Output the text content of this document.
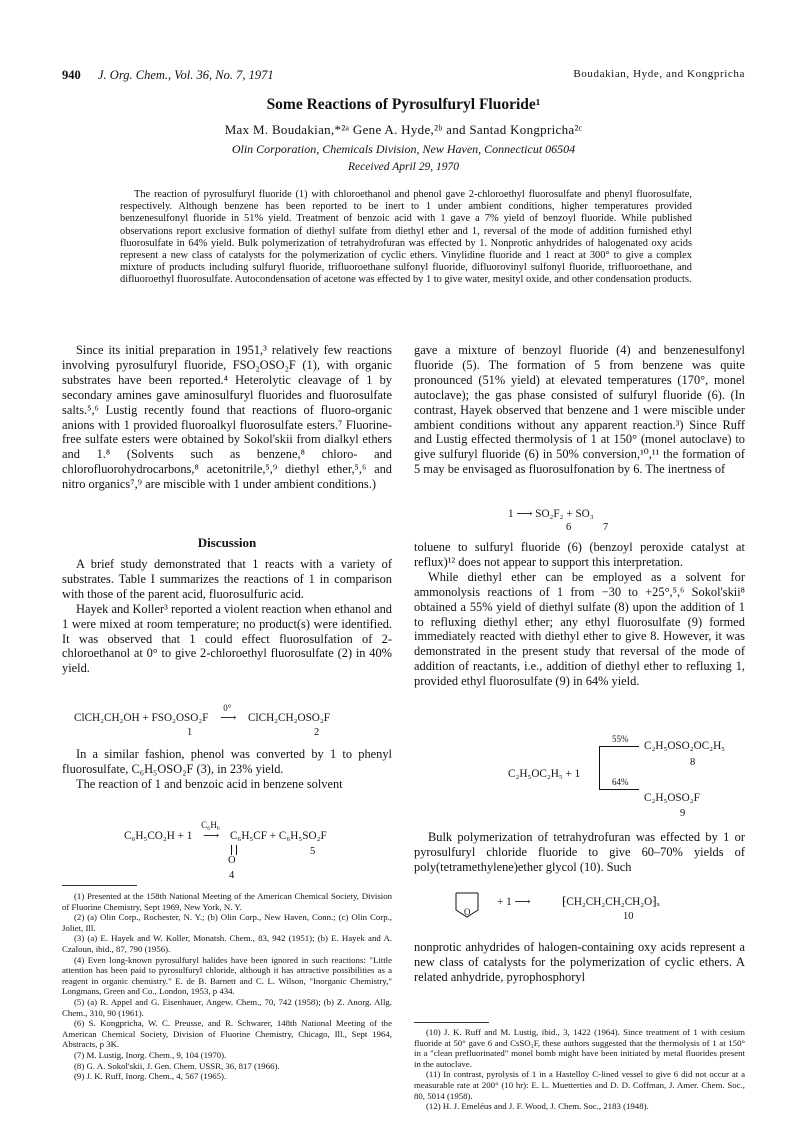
940 J. Org. Chem., Vol. 36, No. 7, 1971	Boudakian, Hyde, and Kongpricha
Some Reactions of Pyrosulfuryl Fluoride¹
Max M. Boudakian,*²ᵃ Gene A. Hyde,²ᵇ and Santad Kongpricha²ᶜ
Olin Corporation, Chemicals Division, New Haven, Connecticut 06504
Received April 29, 1970
The reaction of pyrosulfuryl fluoride (1) with chloroethanol and phenol gave 2-chloroethyl fluorosulfate and phenyl fluorosulfate, respectively. Although benzene has been reported to be inert to 1 under ambient conditions, higher temperatures provided benzenesulfonyl fluoride in 51% yield. Treatment of benzoic acid with 1 gave a 7% yield of benzoyl fluoride. While published observations report exclusive formation of diethyl sulfate from diethyl ether and 1, reversal of the mode of addition furnished ethyl fluorosulfate in 64% yield. Bulk polymerization of tetrahydrofuran was effected by 1. Nonprotic anhydrides of halogenated oxy acids represent a new class of catalysts for the polymerization of cyclic ethers. Vinylidine fluoride and 1 react at 300° to give a complex mixture of products including sulfuryl fluoride, trifluoroethane sulfonyl fluoride, difluorovinyl sulfonyl fluoride, trifluoroethane, and difluoroethyl fluorosulfate. Autocondensation of acetone was effected by 1 to give water, mesityl oxide, and other condensation products.

Since its initial preparation in 1951,³ relatively few reactions involving pyrosulfuryl fluoride, FSO₂OSO₂F (1), with organic substrates have been reported.⁴ Heterolytic cleavage of 1 by secondary amines gave aminosulfuryl fluorides and fluorosulfate salts.⁵,⁶ Lustig recently found that reactions of fluoro-organic anions with 1 provided fluoroalkyl fluorosulfate esters.⁷ Fluorine-free sulfate esters were obtained by Sokol'skii from dialkyl ethers and 1.⁸ (Solvents such as benzene,⁸ chloro- and chlorofluorohydrocarbons,⁸ acetonitrile,⁵,⁹ diethyl ether,⁵,⁶ and nitro organics⁷,⁹ are miscible with 1 under ambient conditions.)

Discussion

A brief study demonstrated that 1 reacts with a variety of substrates. Table I summarizes the reactions of 1 in comparison with those of the parent acid, fluorosulfuric acid.

Hayek and Koller³ reported a violent reaction when ethanol and 1 were mixed at room temperature; no product(s) were identified. It was observed that 1 could effect fluorosulfation of 2-chloroethanol at 0° to give 2-chloroethyl fluorosulfate (2) in 40% yield.

ClCH₂CH₂OH + FSO₂OSO₂F
0°
⟶ ClCH₂CH₂OSO₂F
1	2

In a similar fashion, phenol was converted by 1 to phenyl fluorosulfate, C₆H₅OSO₂F (3), in 23% yield.

The reaction of 1 and benzoic acid in benzene solvent

C₆H₅CO₂H + 1
C₆H₆
⟶ C₆H₅CF + C₆H₅SO₂F
O
4
5

(1) Presented at the 158th National Meeting of the American Chemical Society, Division of Fluorine Chemistry, Sept 1969, New York, N. Y.

(2) (a) Olin Corp., Rochester, N. Y.; (b) Olin Corp., New Haven, Conn.; (c) Olin Corp., Joliet, Ill.

(3) (a) E. Hayek and W. Koller, Monatsh. Chem., 83, 942 (1951); (b) E. Hayek and A. Czaloun, ibid., 87, 790 (1956).

(4) Even long-known pyrosulfuryl halides have been ignored in such reactions: "Little attention has been paid to pyrosulfuryl chloride, although it has attractive possibilities as a reagent in organic chemistry." E. de B. Barnett and C. L. Wilson, "Inorganic Chemistry," Longmans, Green and Co., London, 1953, p 434.

(5) (a) R. Appel and G. Eisenhauer, Angew. Chem., 70, 742 (1958); (b) Z. Anorg. Allg. Chem., 310, 90 (1961).

(6) S. Kongpricha, W. C. Preusse, and R. Schwarer, 148th National Meeting of the American Chemical Society, Division of Fluorine Chemistry, Chicago, Ill., Sept 1964, Abstracts, p 3K.

(7) M. Lustig, Inorg. Chem., 9, 104 (1970).

(8) G. A. Sokol'skii, J. Gen. Chem. USSR, 36, 817 (1966).

(9) J. K. Ruff, Inorg. Chem., 4, 567 (1965).

gave a mixture of benzoyl fluoride (4) and benzenesulfonyl fluoride (5). The formation of 5 from benzene was quite pronounced (51% yield) at elevated temperatures (170°, monel autoclave); the gas phase consisted of sulfuryl fluoride (6). (In contrast, Hayek observed that benzene and 1 were miscible under ambient conditions without any apparent reaction.³) Since Ruff and Lustig effected thermolysis of 1 at 150° (monel autoclave) to give sulfuryl fluoride (6) in 50% conversion,¹⁰,¹¹ the formation of 5 may be envisaged as fluorosulfonation by 6. The inertness of

1 ⟶ SO₂F₂ + SO₃
6	7

toluene to sulfuryl fluoride (6) (benzoyl peroxide catalyst at reflux)¹² does not appear to support this interpretation.

While diethyl ether can be employed as a solvent for ammonolysis reactions of 1 from −30 to +25°,⁵,⁶ Sokol'skii⁸ obtained a 55% yield of diethyl sulfate (8) upon the addition of 1 to refluxing diethyl ether; any ethyl fluorosulfate (9) formed immediately reacted with diethyl ether to give 8. However, it was demonstrated in the present study that reversal of the mode of addition of reactants, i.e., addition of diethyl ether to refluxing 1, provided ethyl fluorosulfate (9) in 64% yield.

C₂H₅OC₂H₅ + 1
55%
64%
C₂H₅OSO₂OC₂H₅
8
C₂H₅OSO₂F
9

Bulk polymerization of tetrahydrofuran was effected by 1 or pyrosulfuryl chloride fluoride to give 60–70% yields of poly(tetramethylene)ether glycol (10). Such

O
+ 1 ⟶	⁅CH₂CH₂CH₂CH₂O⁆ₓ
10

nonprotic anhydrides of halogen-containing oxy acids represent a new class of catalysts for the polymerization of cyclic ethers. A related anhydride, pyrophosphoryl

(10) J. K. Ruff and M. Lustig, ibid., 3, 1422 (1964). Since treatment of 1 with cesium fluoride at 50° gave 6 and CsSO₃F, these authors suggested that the thermolysis of 1 at 150° in a "clean prefluorinated" monel bomb might have been initiated by metal fluorides present in the autoclave.

(11) In contrast, pyrolysis of 1 in a Hastelloy C-lined vessel to give 6 did not occur at a measurable rate at 200° (10 hr): E. L. Muetterties and D. D. Coffman, J. Amer. Chem. Soc., 80, 5014 (1958).

(12) H. J. Emeléus and J. F. Wood, J. Chem. Soc., 2183 (1948).
